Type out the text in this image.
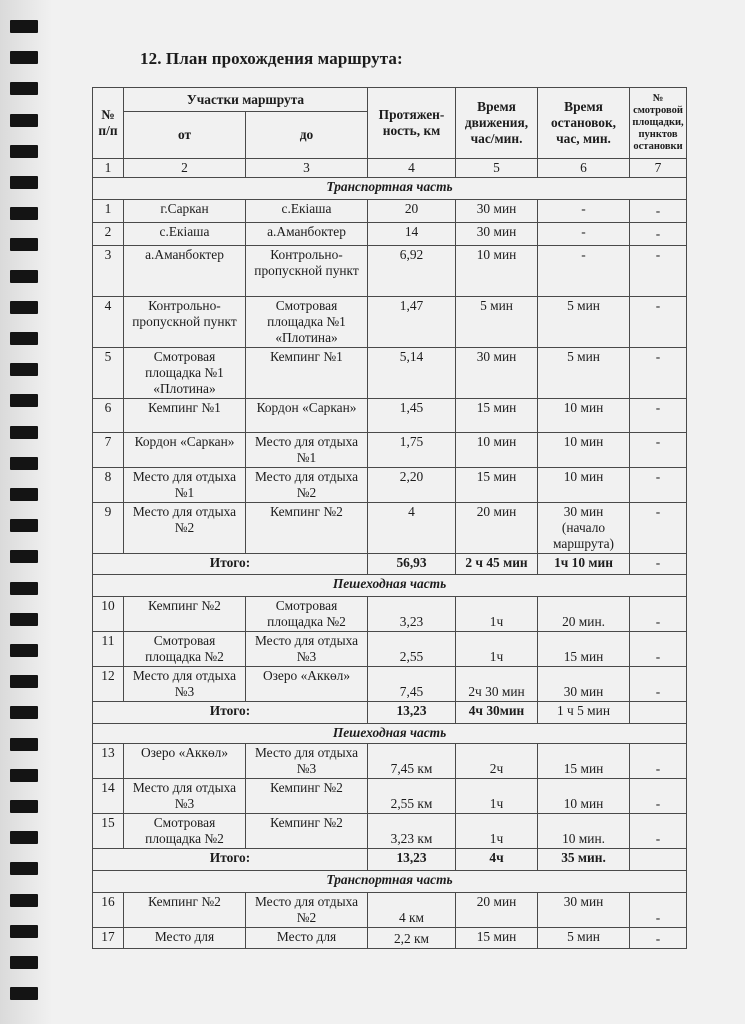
12. План прохождения маршрута:
№ п/п	Участки маршрута		Протяжен-ность, км	Время движения, час/мин.	Время остановок, час, мин.	№ смотровой площадки, пунктов остановки
	от	до				
1	2	3	4	5	6	7
Транспортная часть						
1	г.Саркан	с.Екiаша	20	30 мин	-	-
2	с.Екiаша	а.Аманбоктер	14	30 мин	-	-
3	а.Аманбоктер	Контрольно-пропускной пункт	6,92	10 мин	-	-
4	Контрольно-пропускной пункт	Смотровая площадка №1 «Плотина»	1,47	5 мин	5 мин	-
5	Смотровая площадка №1 «Плотина»	Кемпинг №1	5,14	30 мин	5 мин	-
6	Кемпинг №1	Кордон «Саркан»	1,45	15 мин	10 мин	-
7	Кордон «Саркан»	Место для отдыха №1	1,75	10 мин	10 мин	-
8	Место для отдыха №1	Место для отдыха №2	2,20	15 мин	10 мин	-
9	Место для отдыха №2	Кемпинг №2	4	20 мин	30 мин (начало маршрута)	-
Итого:			56,93	2 ч 45 мин	1ч 10 мин	-
Пешеходная часть						
10	Кемпинг №2	Смотровая площадка №2	3,23	1ч	20 мин.	-
11	Смотровая площадка №2	Место для отдыха №3	2,55	1ч	15 мин	-
12	Место для отдыха №3	Озеро «Аккөл»	7,45	2ч 30 мин	30 мин	-
Итого:			13,23	4ч 30мин	1 ч 5 мин	
Пешеходная часть						
13	Озеро «Аккөл»	Место для отдыха №3	7,45 км	2ч	15 мин	-
14	Место для отдыха №3	Кемпинг №2	2,55 км	1ч	10 мин	-
15	Смотровая площадка №2	Кемпинг №2	3,23 км	1ч	10 мин.	-
Итого:			13,23	4ч	35 мин.	
Транспортная часть						
16	Кемпинг №2	Место для отдыха №2	4 км	20 мин	30 мин	-
17	Место для	Место для	2,2 км	15 мин	5 мин	-
